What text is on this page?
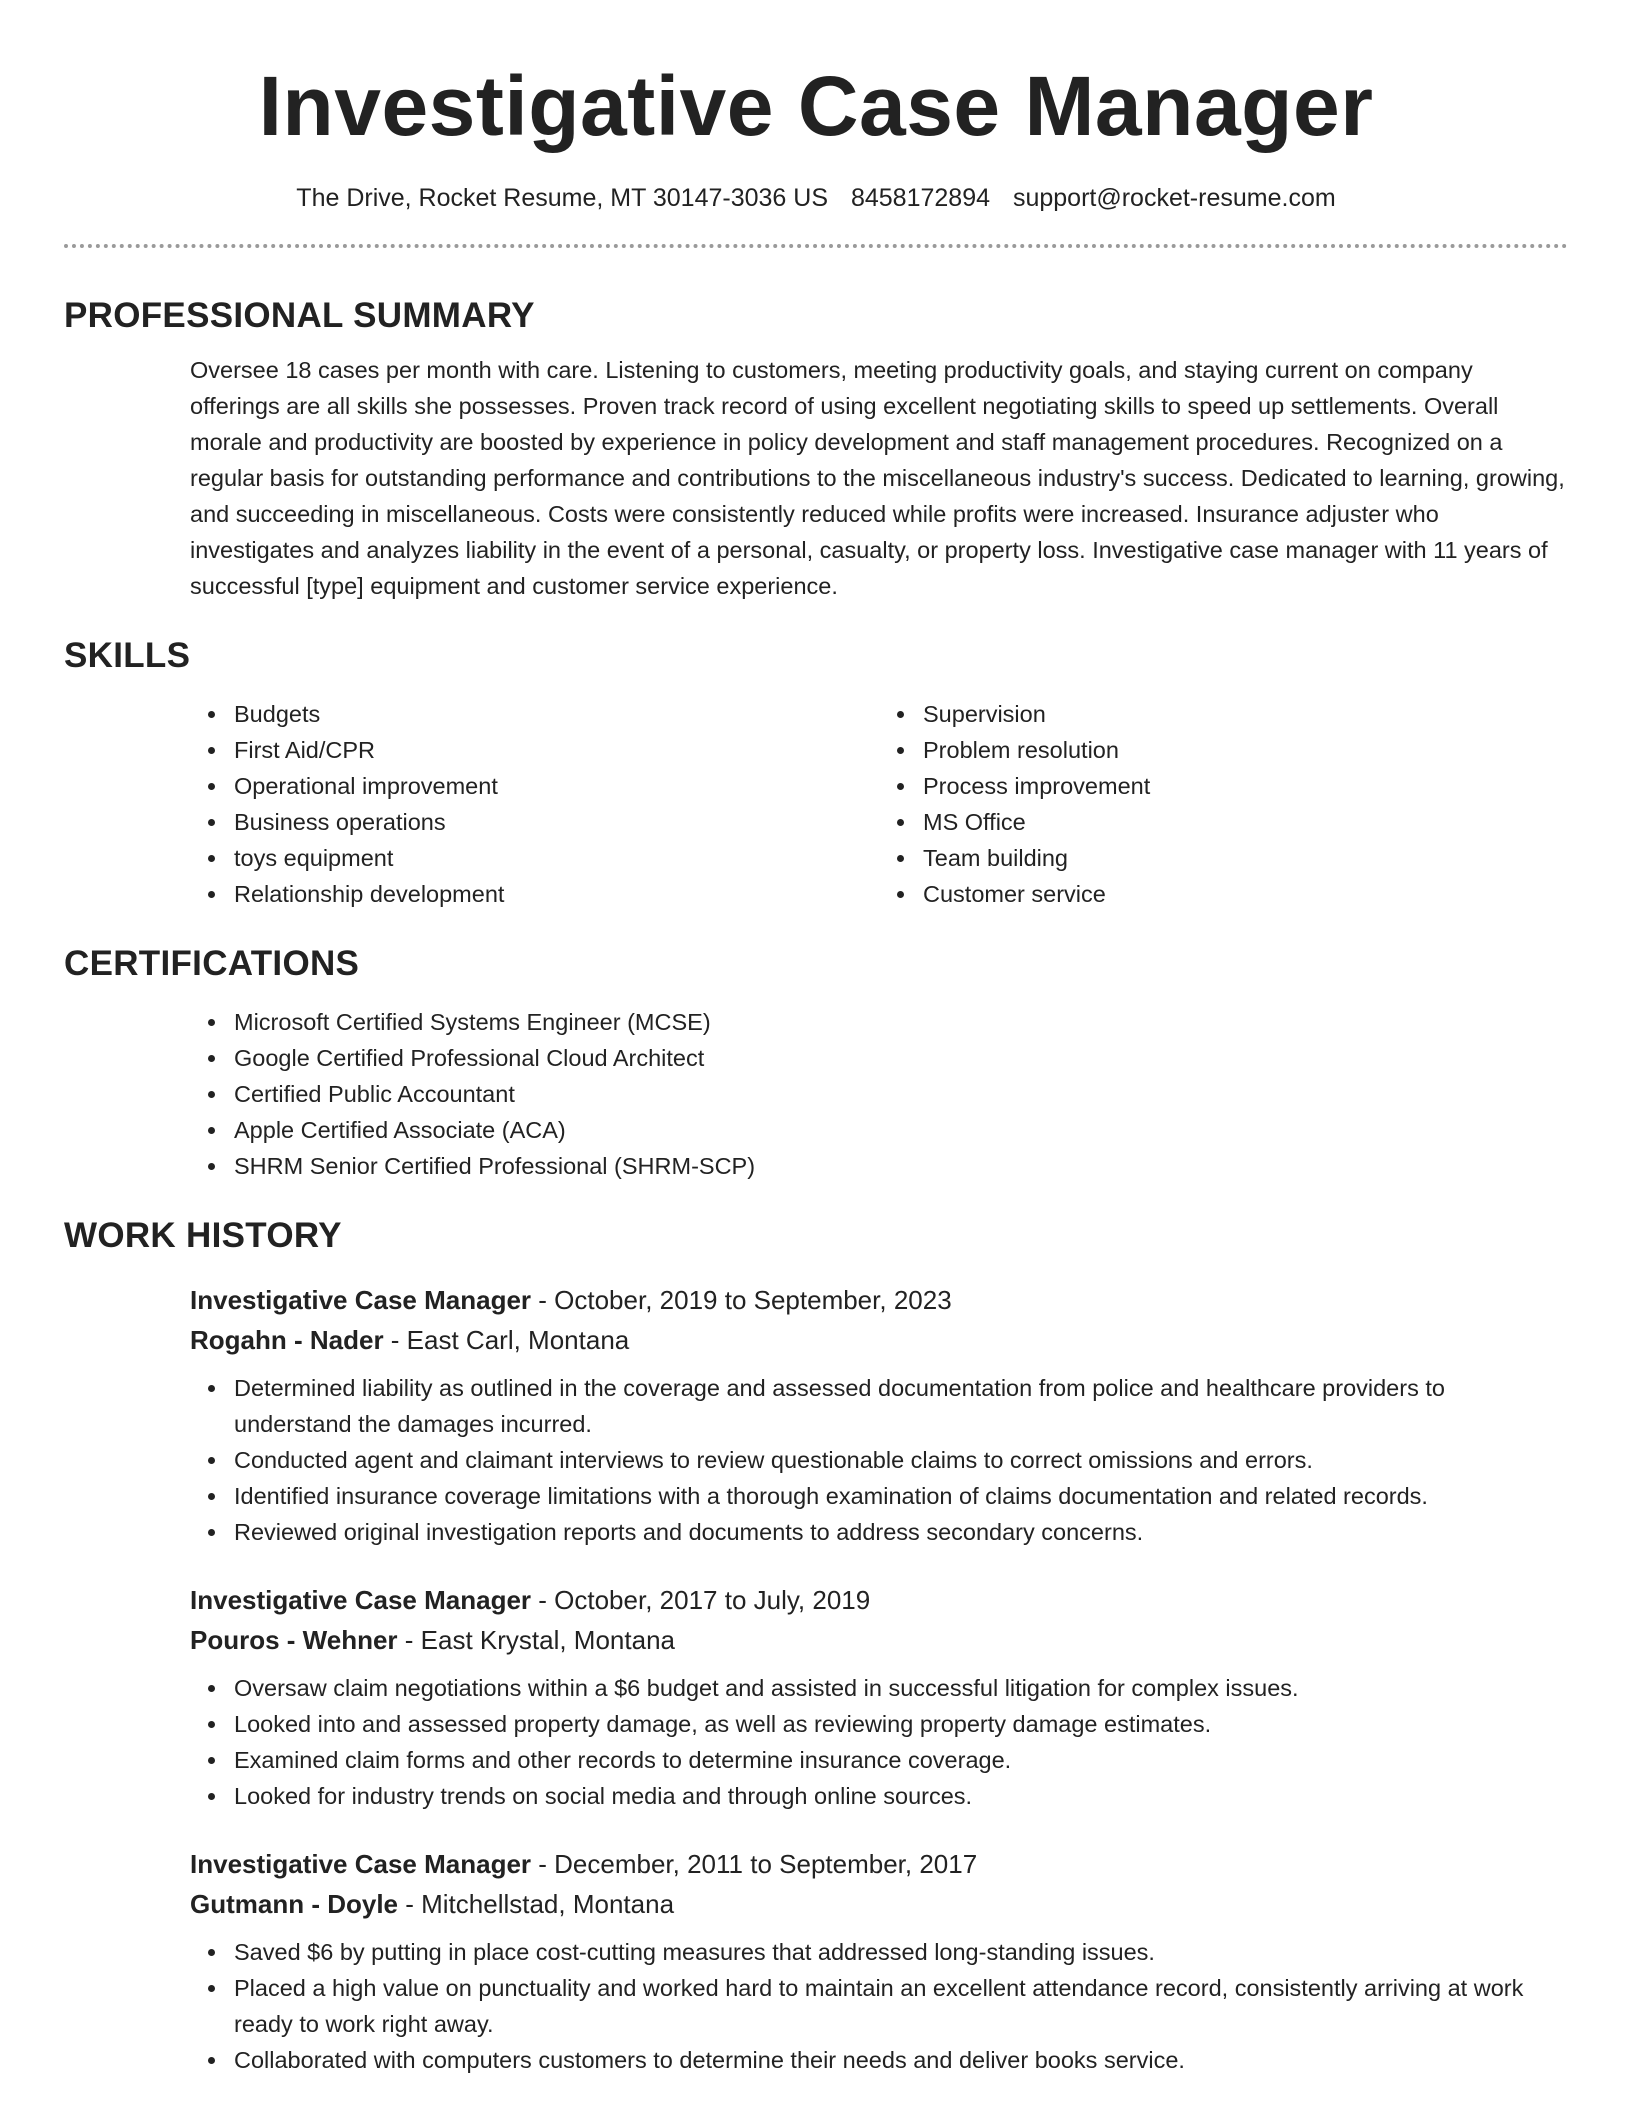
Investigative Case Manager
The Drive, Rocket Resume, MT 30147-3036 US 8458172894 support@rocket-resume.com
PROFESSIONAL SUMMARY

Oversee 18 cases per month with care. Listening to customers, meeting productivity goals, and staying current on company offerings are all skills she possesses. Proven track record of using excellent negotiating skills to speed up settlements. Overall morale and productivity are boosted by experience in policy development and staff management procedures. Recognized on a regular basis for outstanding performance and contributions to the miscellaneous industry's success. Dedicated to learning, growing, and succeeding in miscellaneous. Costs were consistently reduced while profits were increased. Insurance adjuster who investigates and analyzes liability in the event of a personal, casualty, or property loss. Investigative case manager with 11 years of successful [type] equipment and customer service experience.

SKILLS
Budgets
First Aid/CPR
Operational improvement
Business operations
toys equipment
Relationship development
Supervision
Problem resolution
Process improvement
MS Office
Team building
Customer service
CERTIFICATIONS
Microsoft Certified Systems Engineer (MCSE)
Google Certified Professional Cloud Architect
Certified Public Accountant
Apple Certified Associate (ACA)
SHRM Senior Certified Professional (SHRM-SCP)
WORK HISTORY
Investigative Case Manager - October, 2019 to September, 2023
Rogahn - Nader - East Carl, Montana
Determined liability as outlined in the coverage and assessed documentation from police and healthcare providers to understand the damages incurred.
Conducted agent and claimant interviews to review questionable claims to correct omissions and errors.
Identified insurance coverage limitations with a thorough examination of claims documentation and related records.
Reviewed original investigation reports and documents to address secondary concerns.
Investigative Case Manager - October, 2017 to July, 2019
Pouros - Wehner - East Krystal, Montana
Oversaw claim negotiations within a $6 budget and assisted in successful litigation for complex issues.
Looked into and assessed property damage, as well as reviewing property damage estimates.
Examined claim forms and other records to determine insurance coverage.
Looked for industry trends on social media and through online sources.
Investigative Case Manager - December, 2011 to September, 2017
Gutmann - Doyle - Mitchellstad, Montana
Saved $6 by putting in place cost-cutting measures that addressed long-standing issues.
Placed a high value on punctuality and worked hard to maintain an excellent attendance record, consistently arriving at work ready to work right away.
Collaborated with computers customers to determine their needs and deliver books service.
